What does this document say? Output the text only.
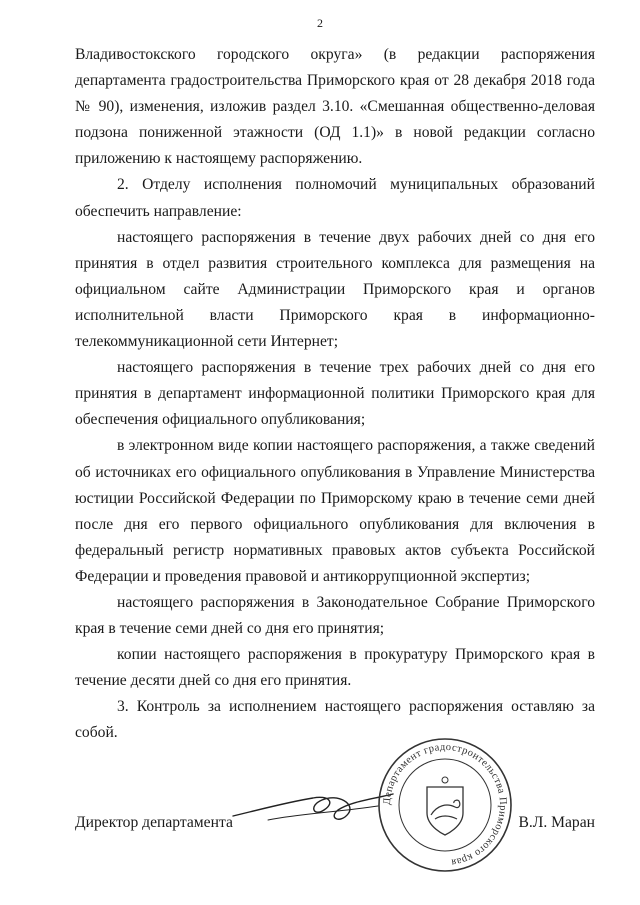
2

Владивостокского городского округа» (в редакции распоряжения департамента градостроительства Приморского края от 28 декабря 2018 года № 90), изменения, изложив раздел 3.10. «Смешанная общественно-деловая подзона пониженной этажности (ОД 1.1)» в новой редакции согласно приложению к настоящему распоряжению.

2. Отделу исполнения полномочий муниципальных образований обеспечить направление:

настоящего распоряжения в течение двух рабочих дней со дня его принятия в отдел развития строительного комплекса для размещения на официальном сайте Администрации Приморского края и органов исполнительной власти Приморского края в информационно-телекоммуникационной сети Интернет;

настоящего распоряжения в течение трех рабочих дней со дня его принятия в департамент информационной политики Приморского края для обеспечения официального опубликования;

в электронном виде копии настоящего распоряжения, а также сведений об источниках его официального опубликования в Управление Министерства юстиции Российской Федерации по Приморскому краю в течение семи дней после дня его первого официального опубликования для включения в федеральный регистр нормативных правовых актов субъекта Российской Федерации и проведения правовой и антикоррупционной экспертиз;

настоящего распоряжения в Законодательное Собрание Приморского края в течение семи дней со дня его принятия;

копии настоящего распоряжения в прокуратуру Приморского края в течение десяти дней со дня его принятия.

3. Контроль за исполнением настоящего распоряжения оставляю за собой.

Департамент градостроительства Приморского края
Директор департамента	В.Л. Маран
